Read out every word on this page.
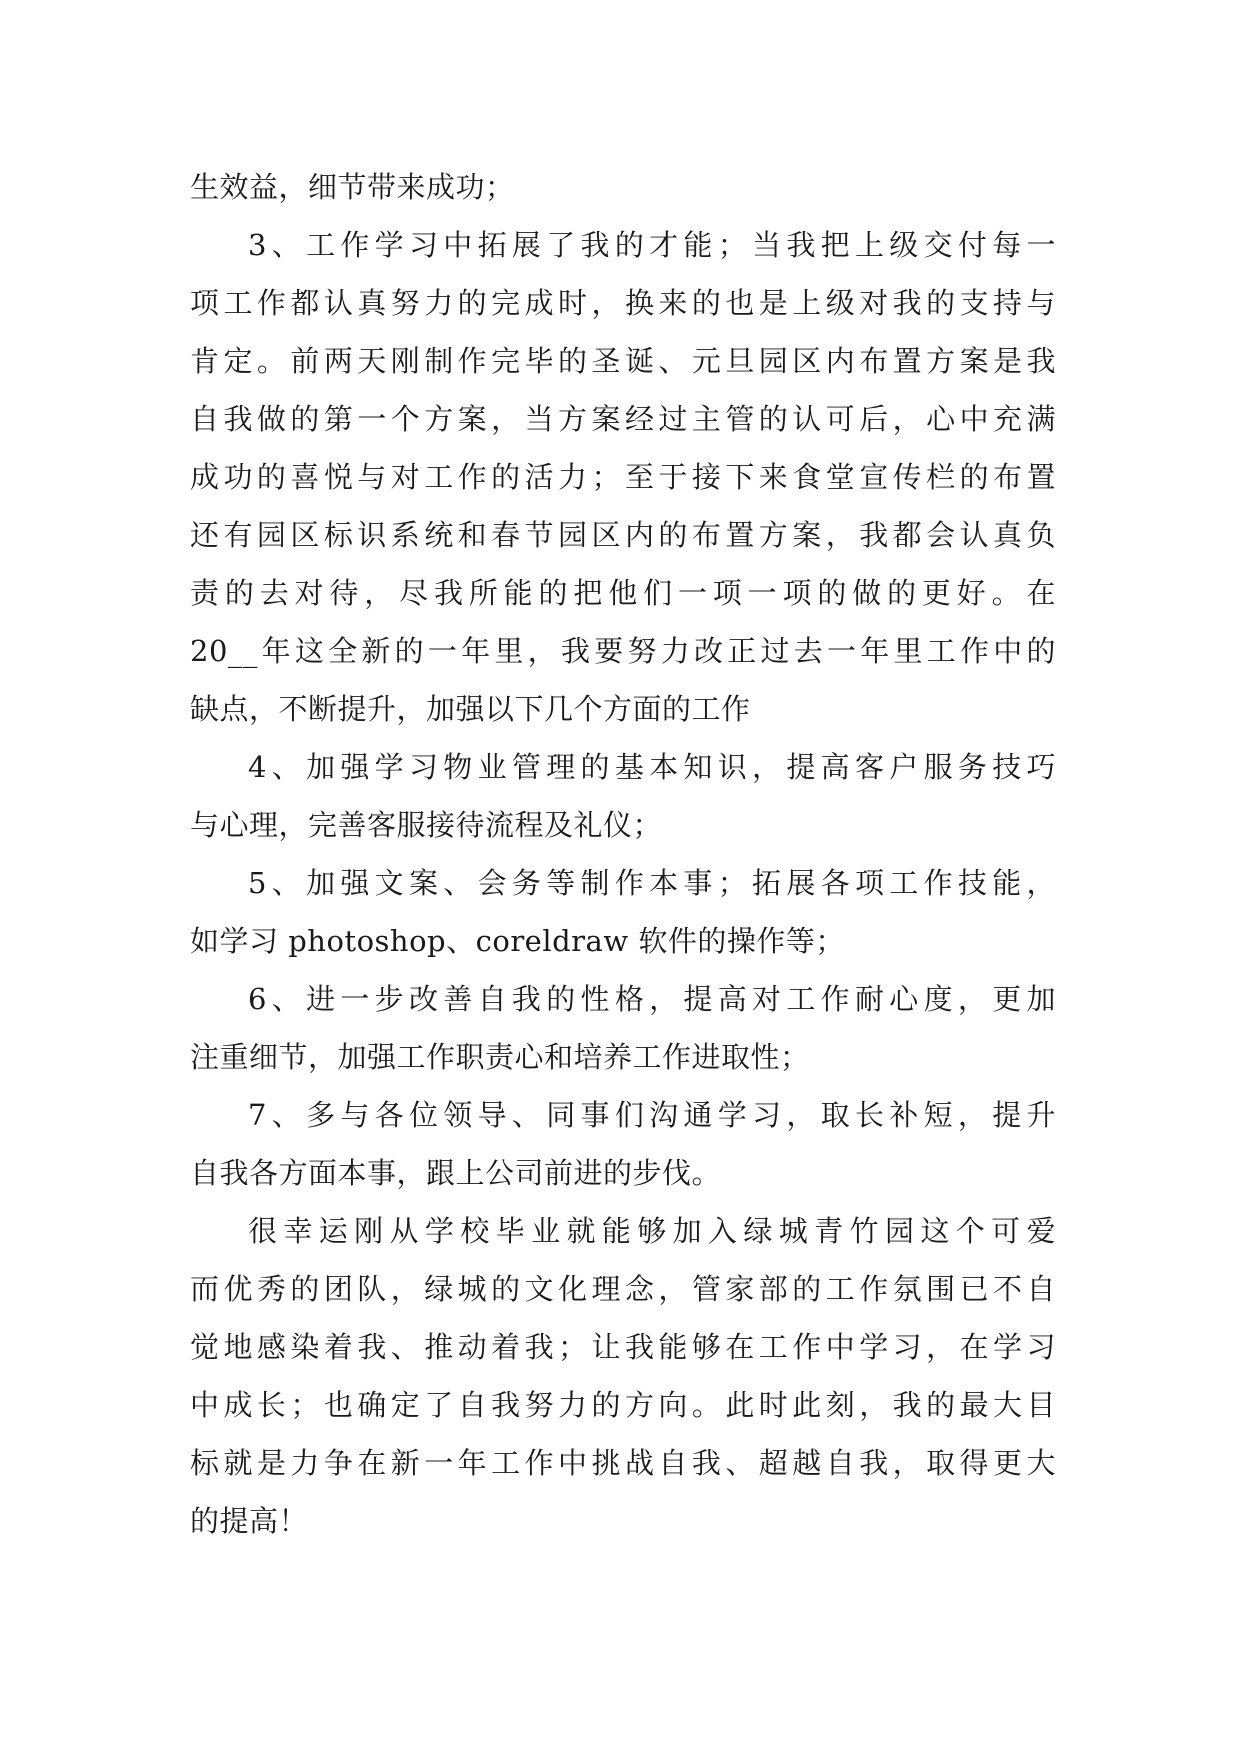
生效益，细节带来成功；
3、工作学习中拓展了我的才能；当我把上级交付每一
项工作都认真努力的完成时，换来的也是上级对我的支持与
肯定。前两天刚制作完毕的圣诞、元旦园区内布置方案是我
自我做的第一个方案，当方案经过主管的认可后，心中充满
成功的喜悦与对工作的活力；至于接下来食堂宣传栏的布置
还有园区标识系统和春节园区内的布置方案，我都会认真负
责的去对待，尽我所能的把他们一项一项的做的更好。在
20__年这全新的一年里，我要努力改正过去一年里工作中的
缺点，不断提升，加强以下几个方面的工作
4、加强学习物业管理的基本知识，提高客户服务技巧
与心理，完善客服接待流程及礼仪；
5、加强文案、会务等制作本事；拓展各项工作技能，
如学习 photoshop、coreldraw 软件的操作等；
6、进一步改善自我的性格，提高对工作耐心度，更加
注重细节，加强工作职责心和培养工作进取性；
7、多与各位领导、同事们沟通学习，取长补短，提升
自我各方面本事，跟上公司前进的步伐。
很幸运刚从学校毕业就能够加入绿城青竹园这个可爱
而优秀的团队，绿城的文化理念，管家部的工作氛围已不自
觉地感染着我、推动着我；让我能够在工作中学习，在学习
中成长；也确定了自我努力的方向。此时此刻，我的最大目
标就是力争在新一年工作中挑战自我、超越自我，取得更大
的提高！
